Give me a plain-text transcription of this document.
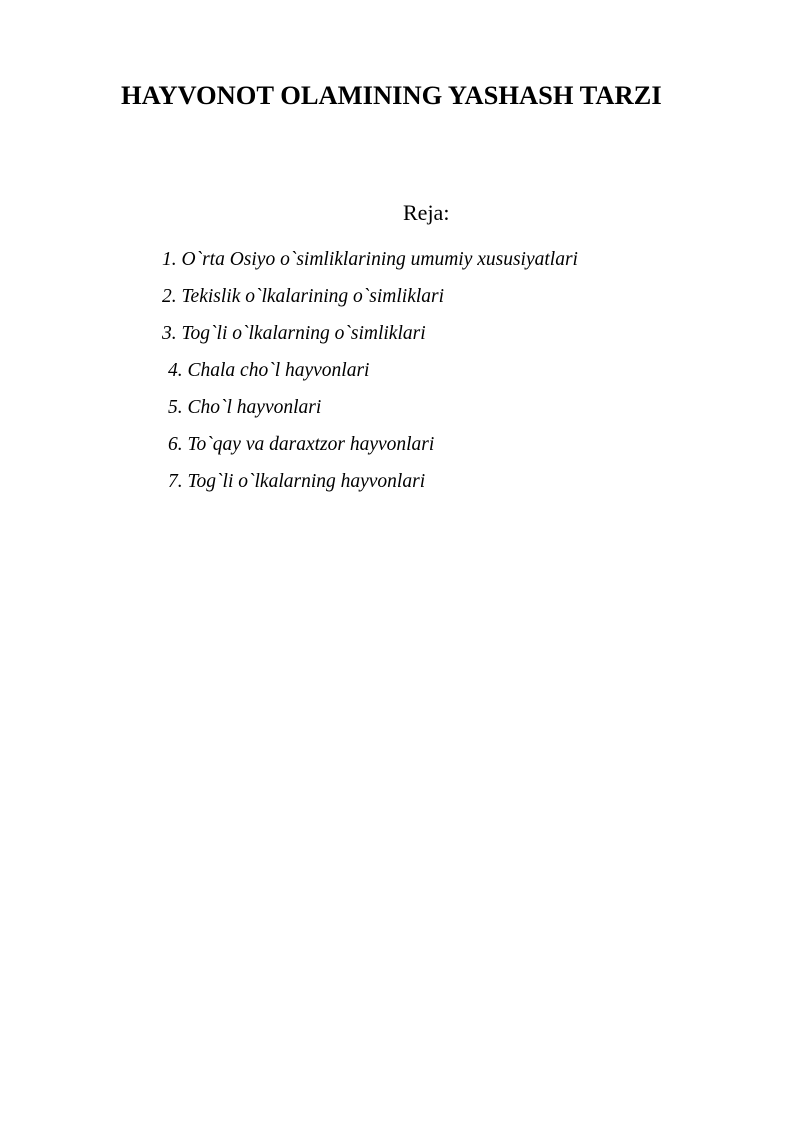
HAYVONOT OLAMINING YASHASH TARZI
Reja:
1. O`rta Osiyo o`simliklarining umumiy xususiyatlari
2. Tekislik o`lkalarining o`simliklari
3. Tog`li o`lkalarning o`simliklari
4. Chala cho`l hayvonlari
5. Cho`l hayvonlari
6. To`qay va daraxtzor hayvonlari
7. Tog`li o`lkalarning hayvonlari
